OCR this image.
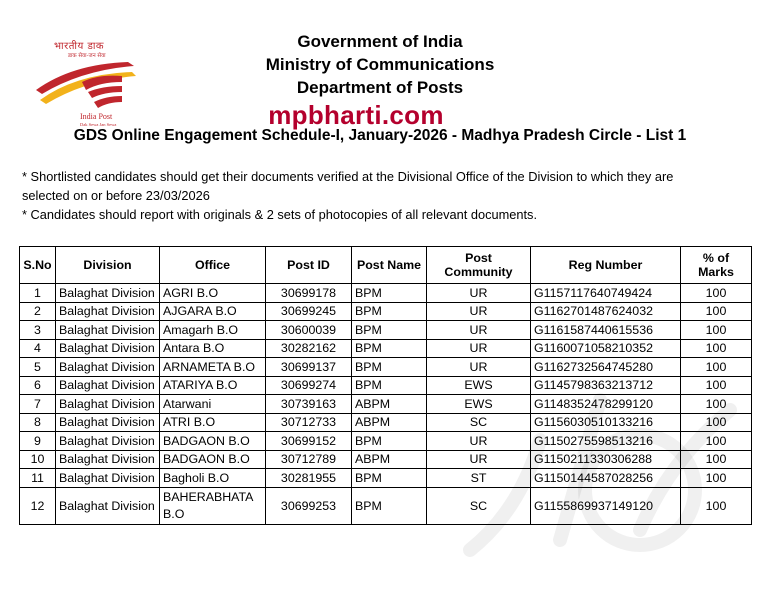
भारतीय डाक
डाक सेवा-जन सेवा
India Post
Dak Sewa Jan Sewa
Government of India
Ministry of Communications
Department of Posts
mpbharti.com
GDS Online Engagement Schedule-I, January-2026 - Madhya Pradesh Circle - List 1
* Shortlisted candidates should get their documents verified at the Divisional Office of the Division to which they are
selected on or before 23/03/2026
* Candidates should report with originals & 2 sets of photocopies of all relevant documents.
S.No	Division	Office	Post ID	Post Name	Post Community	Reg Number	% of Marks
1	Balaghat Division	AGRI B.O	30699178	BPM	UR	G1157117640749424	100
2	Balaghat Division	AJGARA B.O	30699245	BPM	UR	G1162701487624032	100
3	Balaghat Division	Amagarh B.O	30600039	BPM	UR	G1161587440615536	100
4	Balaghat Division	Antara B.O	30282162	BPM	UR	G1160071058210352	100
5	Balaghat Division	ARNAMETA B.O	30699137	BPM	UR	G1162732564745280	100
6	Balaghat Division	ATARIYA B.O	30699274	BPM	EWS	G1145798363213712	100
7	Balaghat Division	Atarwani	30739163	ABPM	EWS	G1148352478299120	100
8	Balaghat Division	ATRI B.O	30712733	ABPM	SC	G1156030510133216	100
9	Balaghat Division	BADGAON B.O	30699152	BPM	UR	G1150275598513216	100
10	Balaghat Division	BADGAON B.O	30712789	ABPM	UR	G1150211330306288	100
11	Balaghat Division	Bagholi B.O	30281955	BPM	ST	G1150144587028256	100
12	Balaghat Division	BAHERABHATA B.O	30699253	BPM	SC	G1155869937149120	100
